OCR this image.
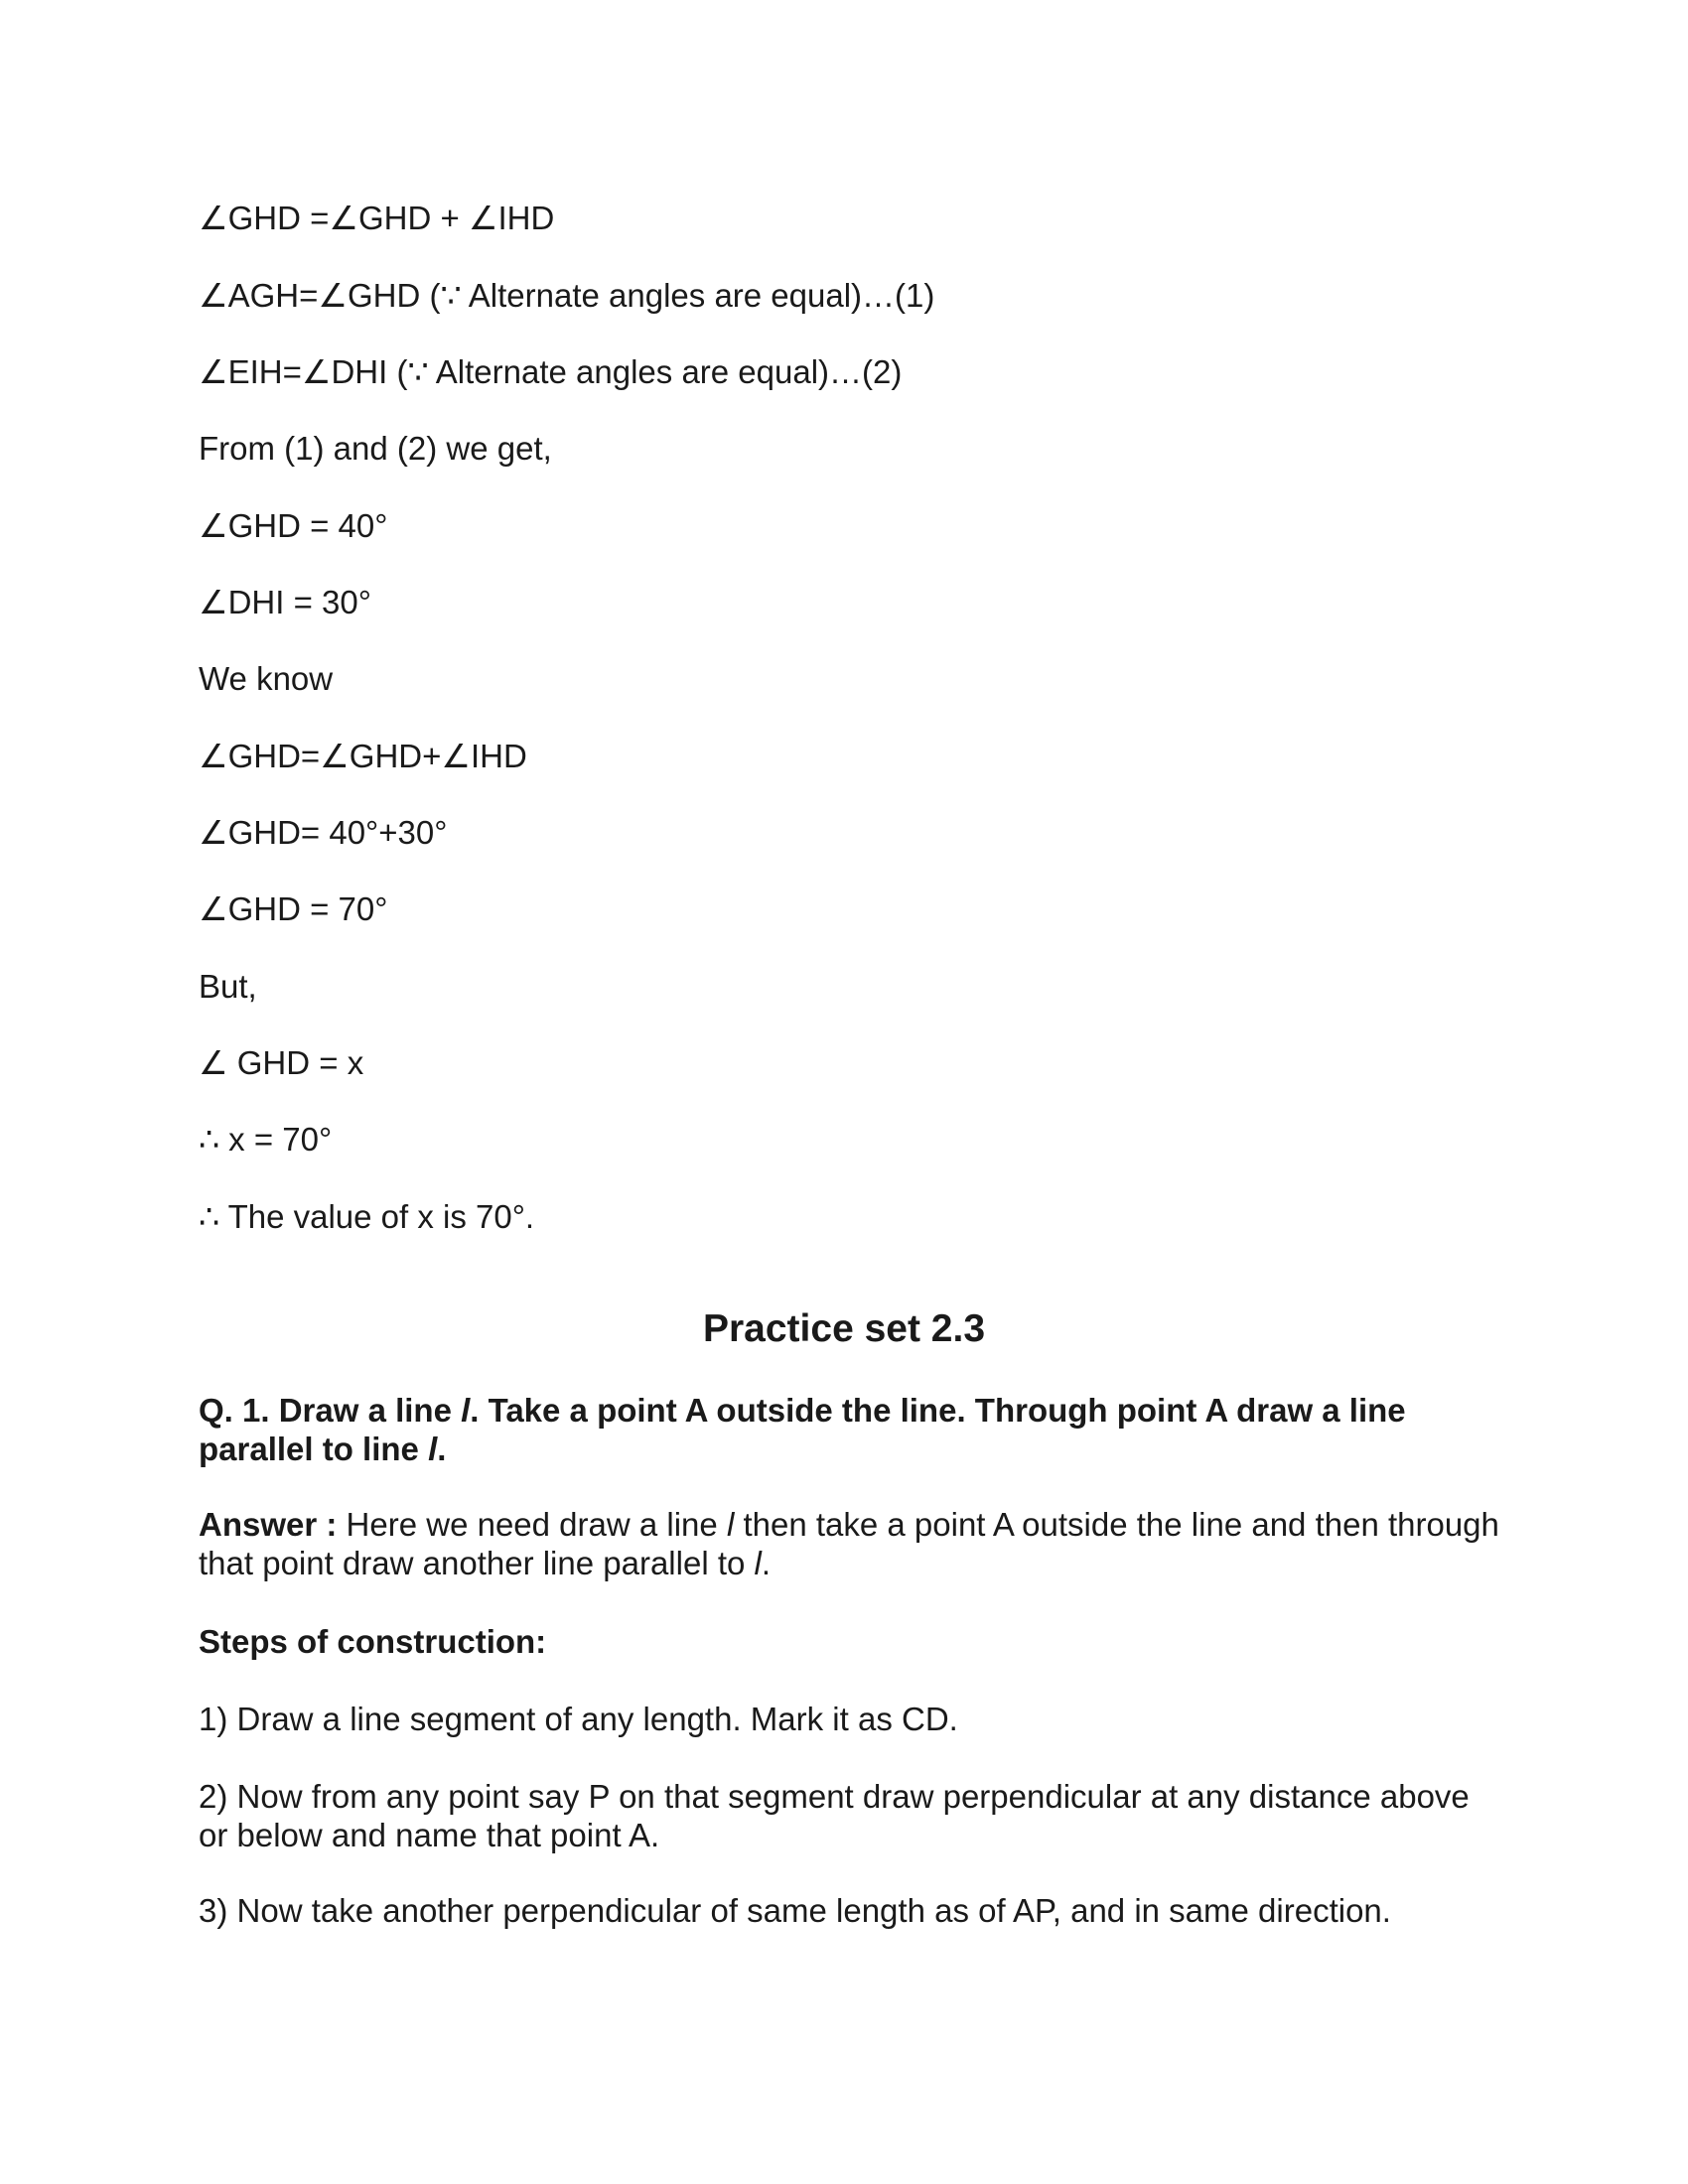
∠GHD =∠GHD + ∠IHD
∠AGH=∠GHD (∵ Alternate angles are equal)…(1)
∠EIH=∠DHI (∵ Alternate angles are equal)…(2)
From (1) and (2) we get,
∠GHD = 40°
∠DHI = 30°
We know
∠GHD=∠GHD+∠IHD
∠GHD= 40°+30°
∠GHD = 70°
But,
∠ GHD = x
∴ x = 70°
∴ The value of x is 70°.
Practice set 2.3
Q. 1. Draw a line l. Take a point A outside the line. Through point A draw a line parallel to line l.
Answer : Here we need draw a line l then take a point A outside the line and then through that point draw another line parallel to l.
Steps of construction:
1) Draw a line segment of any length. Mark it as CD.
2) Now from any point say P on that segment draw perpendicular at any distance above or below and name that point A.
3) Now take another perpendicular of same length as of AP, and in same direction.
